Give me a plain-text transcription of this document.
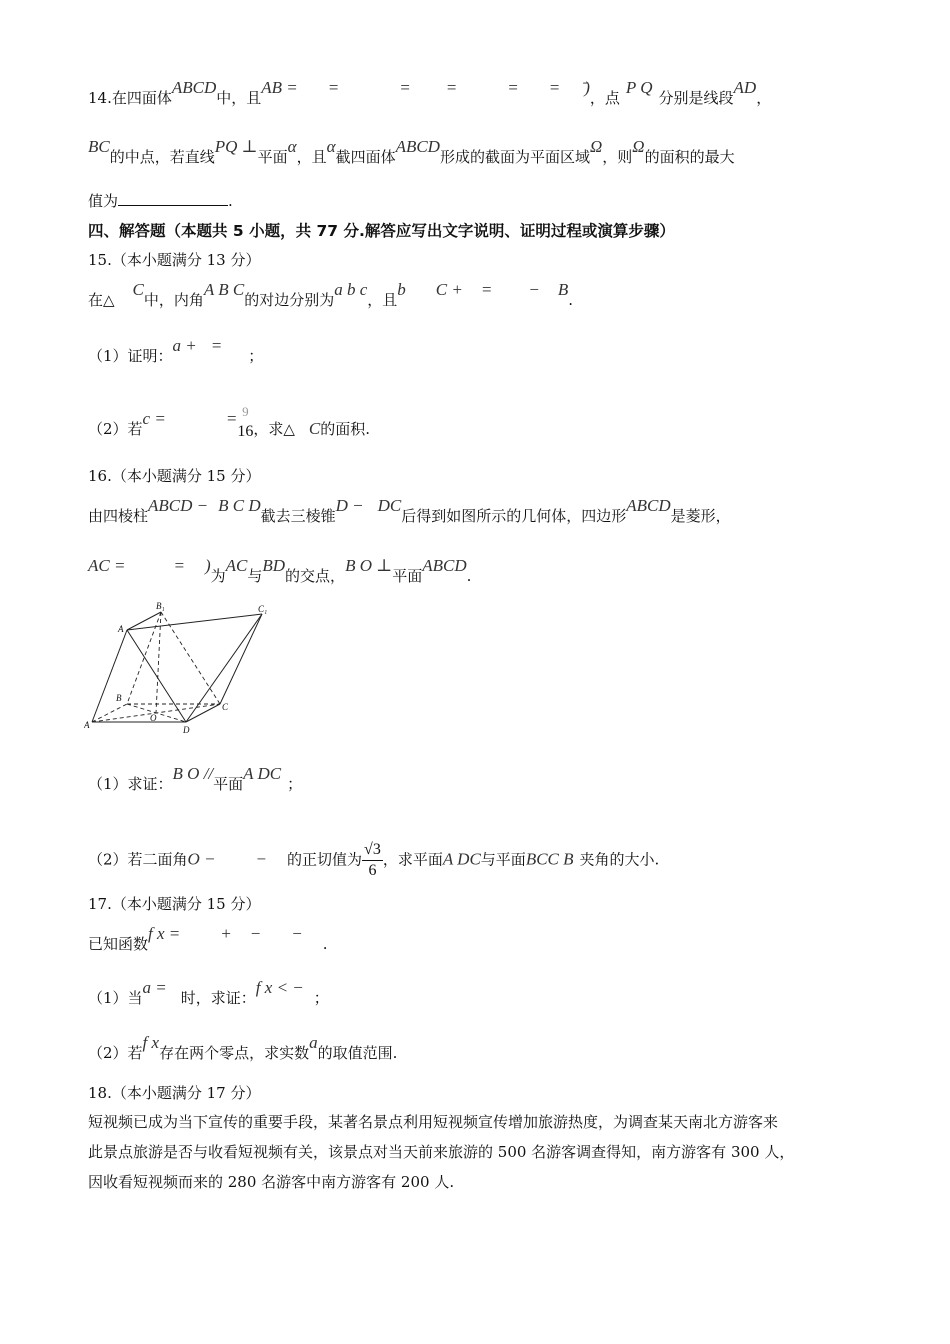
14.在四面体ABCD中，且AB = =	= =	= = ̄)，点P Q分别是线段AD，
BC的中点，若直线PQ ⊥平面α，且α截四面体ABCD形成的截面为平面区域Ω，则Ω的面积的最大
值为	.
四、解答题（本题共 5 小题，共 77 分.解答应写出文字说明、证明过程或演算步骤）
15.（本小题满分 13 分）
在△C中，内角A B C的对边分别为a b c，且b C + = − B.
（1）证明：a + =；
（2）若c =	= 9
16 ，求△ C的面积.
16.（本小题满分 15 分）
由四棱柱ABCD − B C D截去三棱锥D − DC后得到如图所示的几何体，四边形ABCD是菱形，
AC =	= )为AC与BD的交点，B O ⊥平面ABCD.
A
B₁	C₁
B
C
A
O
D
（1）求证：B O //平面A DC；
（2）若二面角O − − 的正切值为 $\frac{√3}{6}$ ，求平面A DC与平面BCC B 夹角的大小.
17.（本小题满分 15 分）
已知函数f x = + − −.
（1）当a =时，求证：f x < −；
（2）若f x存在两个零点，求实数a的取值范围.
18.（本小题满分 17 分）
短视频已成为当下宣传的重要手段，某著名景点利用短视频宣传增加旅游热度，为调查某天南北方游客来
此景点旅游是否与收看短视频有关，该景点对当天前来旅游的 500 名游客调查得知，南方游客有 300 人，
因收看短视频而来的 280 名游客中南方游客有 200 人.
